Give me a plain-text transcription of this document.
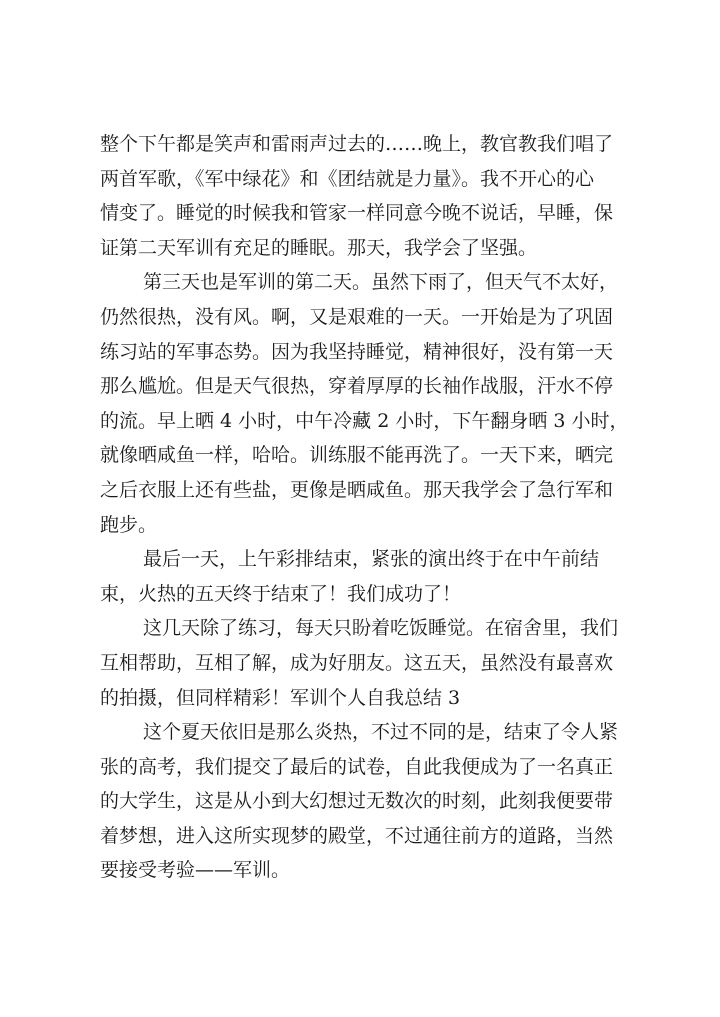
整个下午都是笑声和雷雨声过去的……晚上，教官教我们唱了
两首军歌，《军中绿花》和《团结就是力量》。我不开心的心
情变了。睡觉的时候我和管家一样同意今晚不说话，早睡，保
证第二天军训有充足的睡眠。那天，我学会了坚强。
第三天也是军训的第二天。虽然下雨了，但天气不太好，
仍然很热，没有风。啊，又是艰难的一天。一开始是为了巩固
练习站的军事态势。因为我坚持睡觉，精神很好，没有第一天
那么尴尬。但是天气很热，穿着厚厚的长袖作战服，汗水不停
的流。早上晒 4 小时，中午冷藏 2 小时，下午翻身晒 3 小时，
就像晒咸鱼一样，哈哈。训练服不能再洗了。一天下来，晒完
之后衣服上还有些盐，更像是晒咸鱼。那天我学会了急行军和
跑步。
最后一天，上午彩排结束，紧张的演出终于在中午前结
束，火热的五天终于结束了！我们成功了！
这几天除了练习，每天只盼着吃饭睡觉。在宿舍里，我们
互相帮助，互相了解，成为好朋友。这五天，虽然没有最喜欢
的拍摄，但同样精彩！军训个人自我总结 3
这个夏天依旧是那么炎热，不过不同的是，结束了令人紧
张的高考，我们提交了最后的试卷，自此我便成为了一名真正
的大学生，这是从小到大幻想过无数次的时刻，此刻我便要带
着梦想，进入这所实现梦的殿堂，不过通往前方的道路，当然
要接受考验——军训。
